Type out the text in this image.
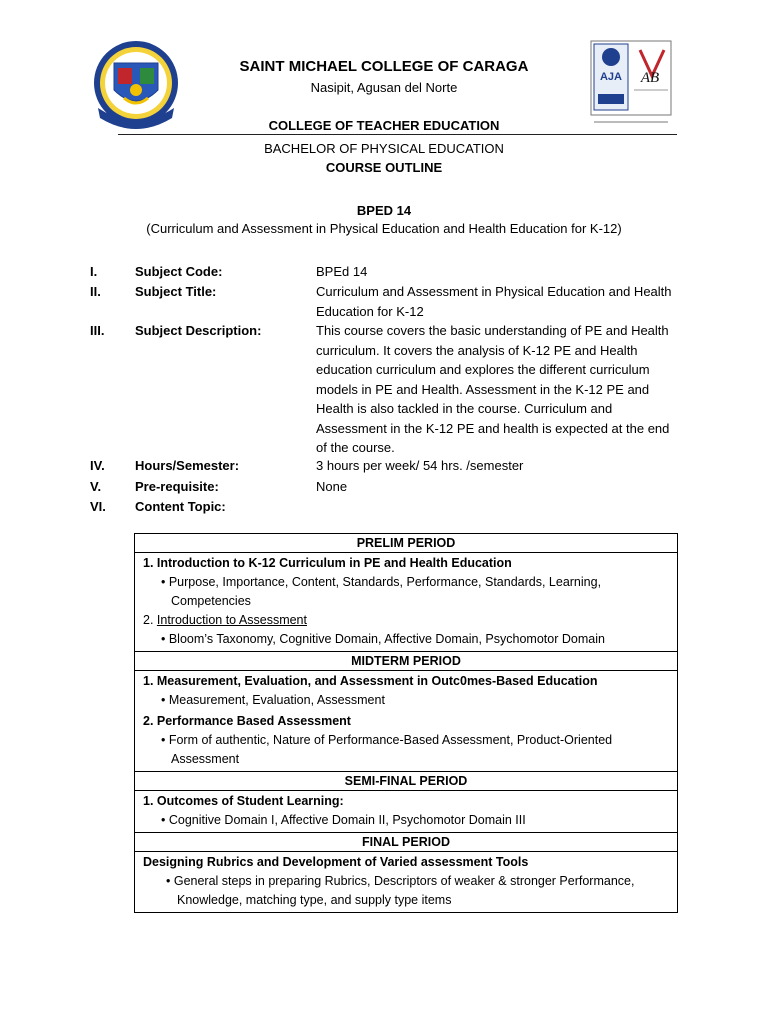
AJA AB
SAINT MICHAEL COLLEGE OF CARAGA
Nasipit, Agusan del Norte
COLLEGE OF TEACHER EDUCATION
BACHELOR OF PHYSICAL EDUCATION
COURSE OUTLINE
BPED 14
(Curriculum and Assessment in Physical Education and Health Education for K-12)
I.	Subject Code:	BPEd 14
II.	Subject Title:	Curriculum and Assessment in Physical Education and Health Education for K-12
III. Subject Description:	This course covers the basic understanding of PE and Health curriculum. It covers the analysis of K-12 PE and Health education curriculum and explores the different curriculum models in PE and Health. Assessment in the K-12 PE and Health is also tackled in the course. Curriculum and Assessment in the K-12 PE and health is expected at the end of the course.
IV. Hours/Semester:	3 hours per week/ 54 hrs. /semester
V.	Pre-requisite:	None
VI. Content Topic:
PRELIM PERIOD

1. Introduction to K-12 Curriculum in PE and Health Education
• Purpose, Importance, Content, Standards, Performance, Standards, Learning, Competencies
2. Introduction to Assessment
• Bloom’s Taxonomy, Cognitive Domain, Affective Domain, Psychomotor Domain

MIDTERM PERIOD

1. Measurement, Evaluation, and Assessment in Outc0mes-Based Education
• Measurement, Evaluation, Assessment
2. Performance Based Assessment
• Form of authentic, Nature of Performance-Based Assessment, Product-Oriented Assessment

SEMI-FINAL PERIOD

1. Outcomes of Student Learning:
• Cognitive Domain I, Affective Domain II, Psychomotor Domain III

FINAL PERIOD

Designing Rubrics and Development of Varied assessment Tools
• General steps in preparing Rubrics, Descriptors of weaker & stronger Performance, Knowledge, matching type, and supply type items
